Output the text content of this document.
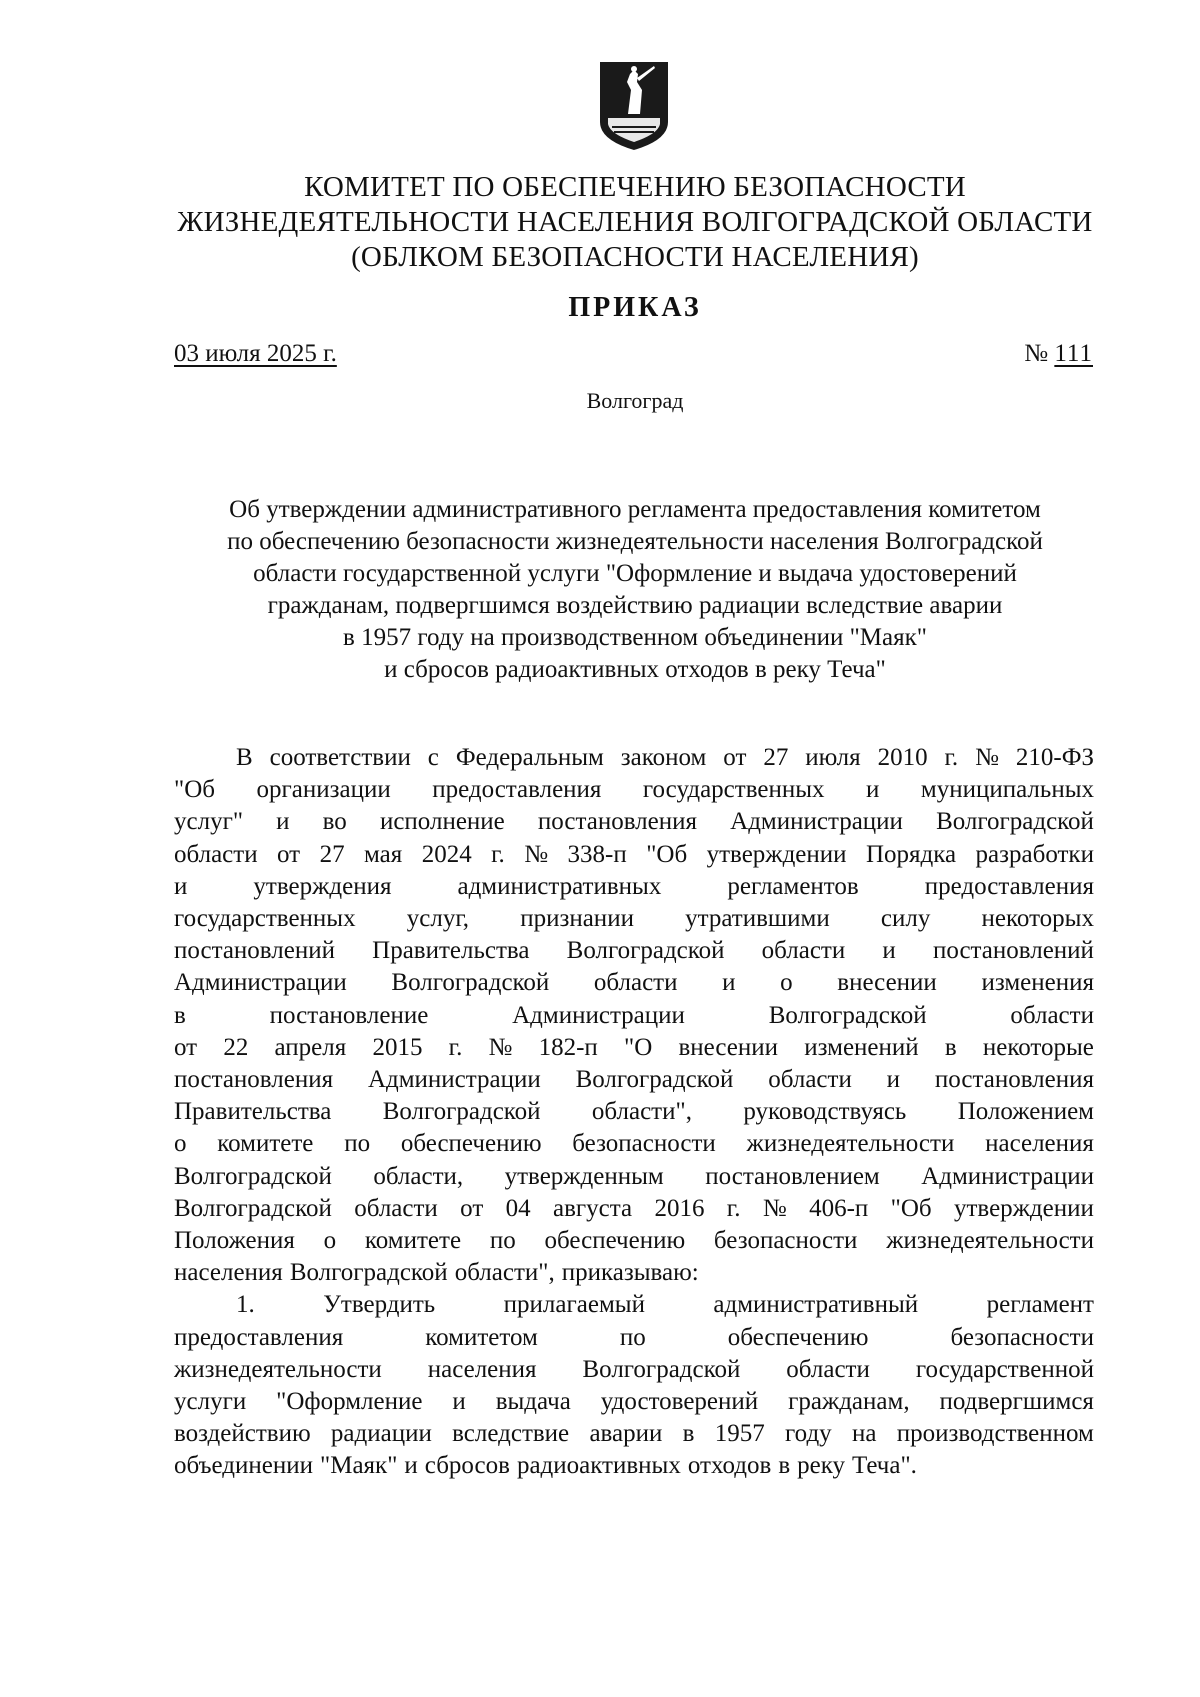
КОМИТЕТ ПО ОБЕСПЕЧЕНИЮ БЕЗОПАСНОСТИ
ЖИЗНЕДЕЯТЕЛЬНОСТИ НАСЕЛЕНИЯ ВОЛГОГРАДСКОЙ ОБЛАСТИ
(ОБЛКОМ БЕЗОПАСНОСТИ НАСЕЛЕНИЯ)
ПРИКАЗ
03 июля 2025 г.	№ 111
Волгоград
Об утверждении административного регламента предоставления комитетом
по обеспечению безопасности жизнедеятельности населения Волгоградской
области государственной услуги "Оформление и выдача удостоверений
гражданам, подвергшимся воздействию радиации вследствие аварии
в 1957 году на производственном объединении "Маяк"
и сбросов радиоактивных отходов в реку Теча"
В соответствии с Федеральным законом от 27 июля 2010 г. № 210-ФЗ
"Об организации предоставления государственных и муниципальных
услуг" и во исполнение постановления Администрации Волгоградской
области от 27 мая 2024 г. № 338-п "Об утверждении Порядка разработки
и	утверждения	административных	регламентов	предоставления
государственных услуг, признании утратившими силу некоторых
постановлений Правительства Волгоградской области и постановлений
Администрации Волгоградской области и о внесении изменения
в	постановление	Администрации	Волгоградской	области
от 22 апреля 2015 г. № 182-п "О внесении изменений в некоторые
постановления Администрации Волгоградской области и постановления
Правительства Волгоградской области", руководствуясь Положением
о комитете по обеспечению безопасности жизнедеятельности населения
Волгоградской области, утвержденным постановлением Администрации
Волгоградской области от 04 августа 2016 г. № 406-п "Об утверждении
Положения о комитете по обеспечению безопасности жизнедеятельности
населения Волгоградской области", приказываю:
1.	Утвердить	прилагаемый	административный	регламент
предоставления	комитетом	по	обеспечению	безопасности
жизнедеятельности населения Волгоградской области государственной
услуги "Оформление и выдача удостоверений гражданам, подвергшимся
воздействию радиации вследствие аварии в 1957 году на производственном
объединении "Маяк" и сбросов радиоактивных отходов в реку Теча".
